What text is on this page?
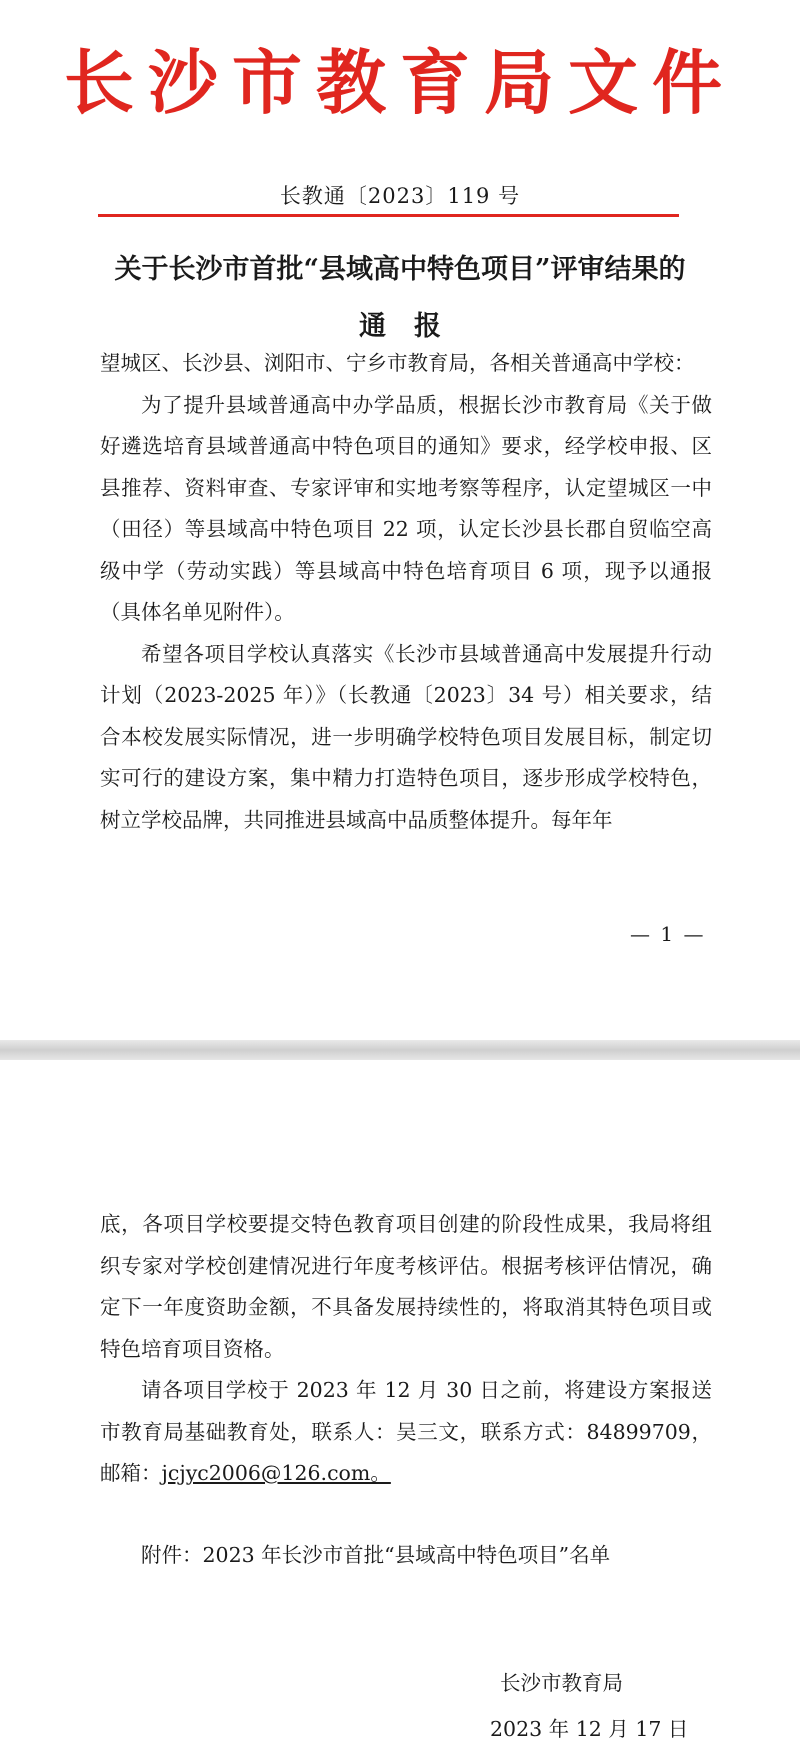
长沙市教育局文件
长教通〔2023〕119 号
关于长沙市首批“县域高中特色项目”评审结果的
通报

望城区、长沙县、浏阳市、宁乡市教育局，各相关普通高中学校：

为了提升县域普通高中办学品质，根据长沙市教育局《关于做好遴选培育县域普通高中特色项目的通知》要求，经学校申报、区县推荐、资料审查、专家评审和实地考察等程序，认定望城区一中（田径）等县域高中特色项目 22 项，认定长沙县长郡自贸临空高级中学（劳动实践）等县域高中特色培育项目 6 项，现予以通报（具体名单见附件）。

希望各项目学校认真落实《长沙市县域普通高中发展提升行动计划（2023-2025 年）》（长教通〔2023〕34 号）相关要求，结合本校发展实际情况，进一步明确学校特色项目发展目标，制定切实可行的建设方案，集中精力打造特色项目，逐步形成学校特色，树立学校品牌，共同推进县域高中品质整体提升。每年年

— 1 —

底，各项目学校要提交特色教育项目创建的阶段性成果，我局将组织专家对学校创建情况进行年度考核评估。根据考核评估情况，确定下一年度资助金额，不具备发展持续性的，将取消其特色项目或特色培育项目资格。

请各项目学校于 2023 年 12 月 30 日之前，将建设方案报送市教育局基础教育处，联系人：吴三文，联系方式：84899709，邮箱：jcjyc2006@126.com。

附件：2023 年长沙市首批“县域高中特色项目”名单
长沙市教育局
2023 年 12 月 17 日
